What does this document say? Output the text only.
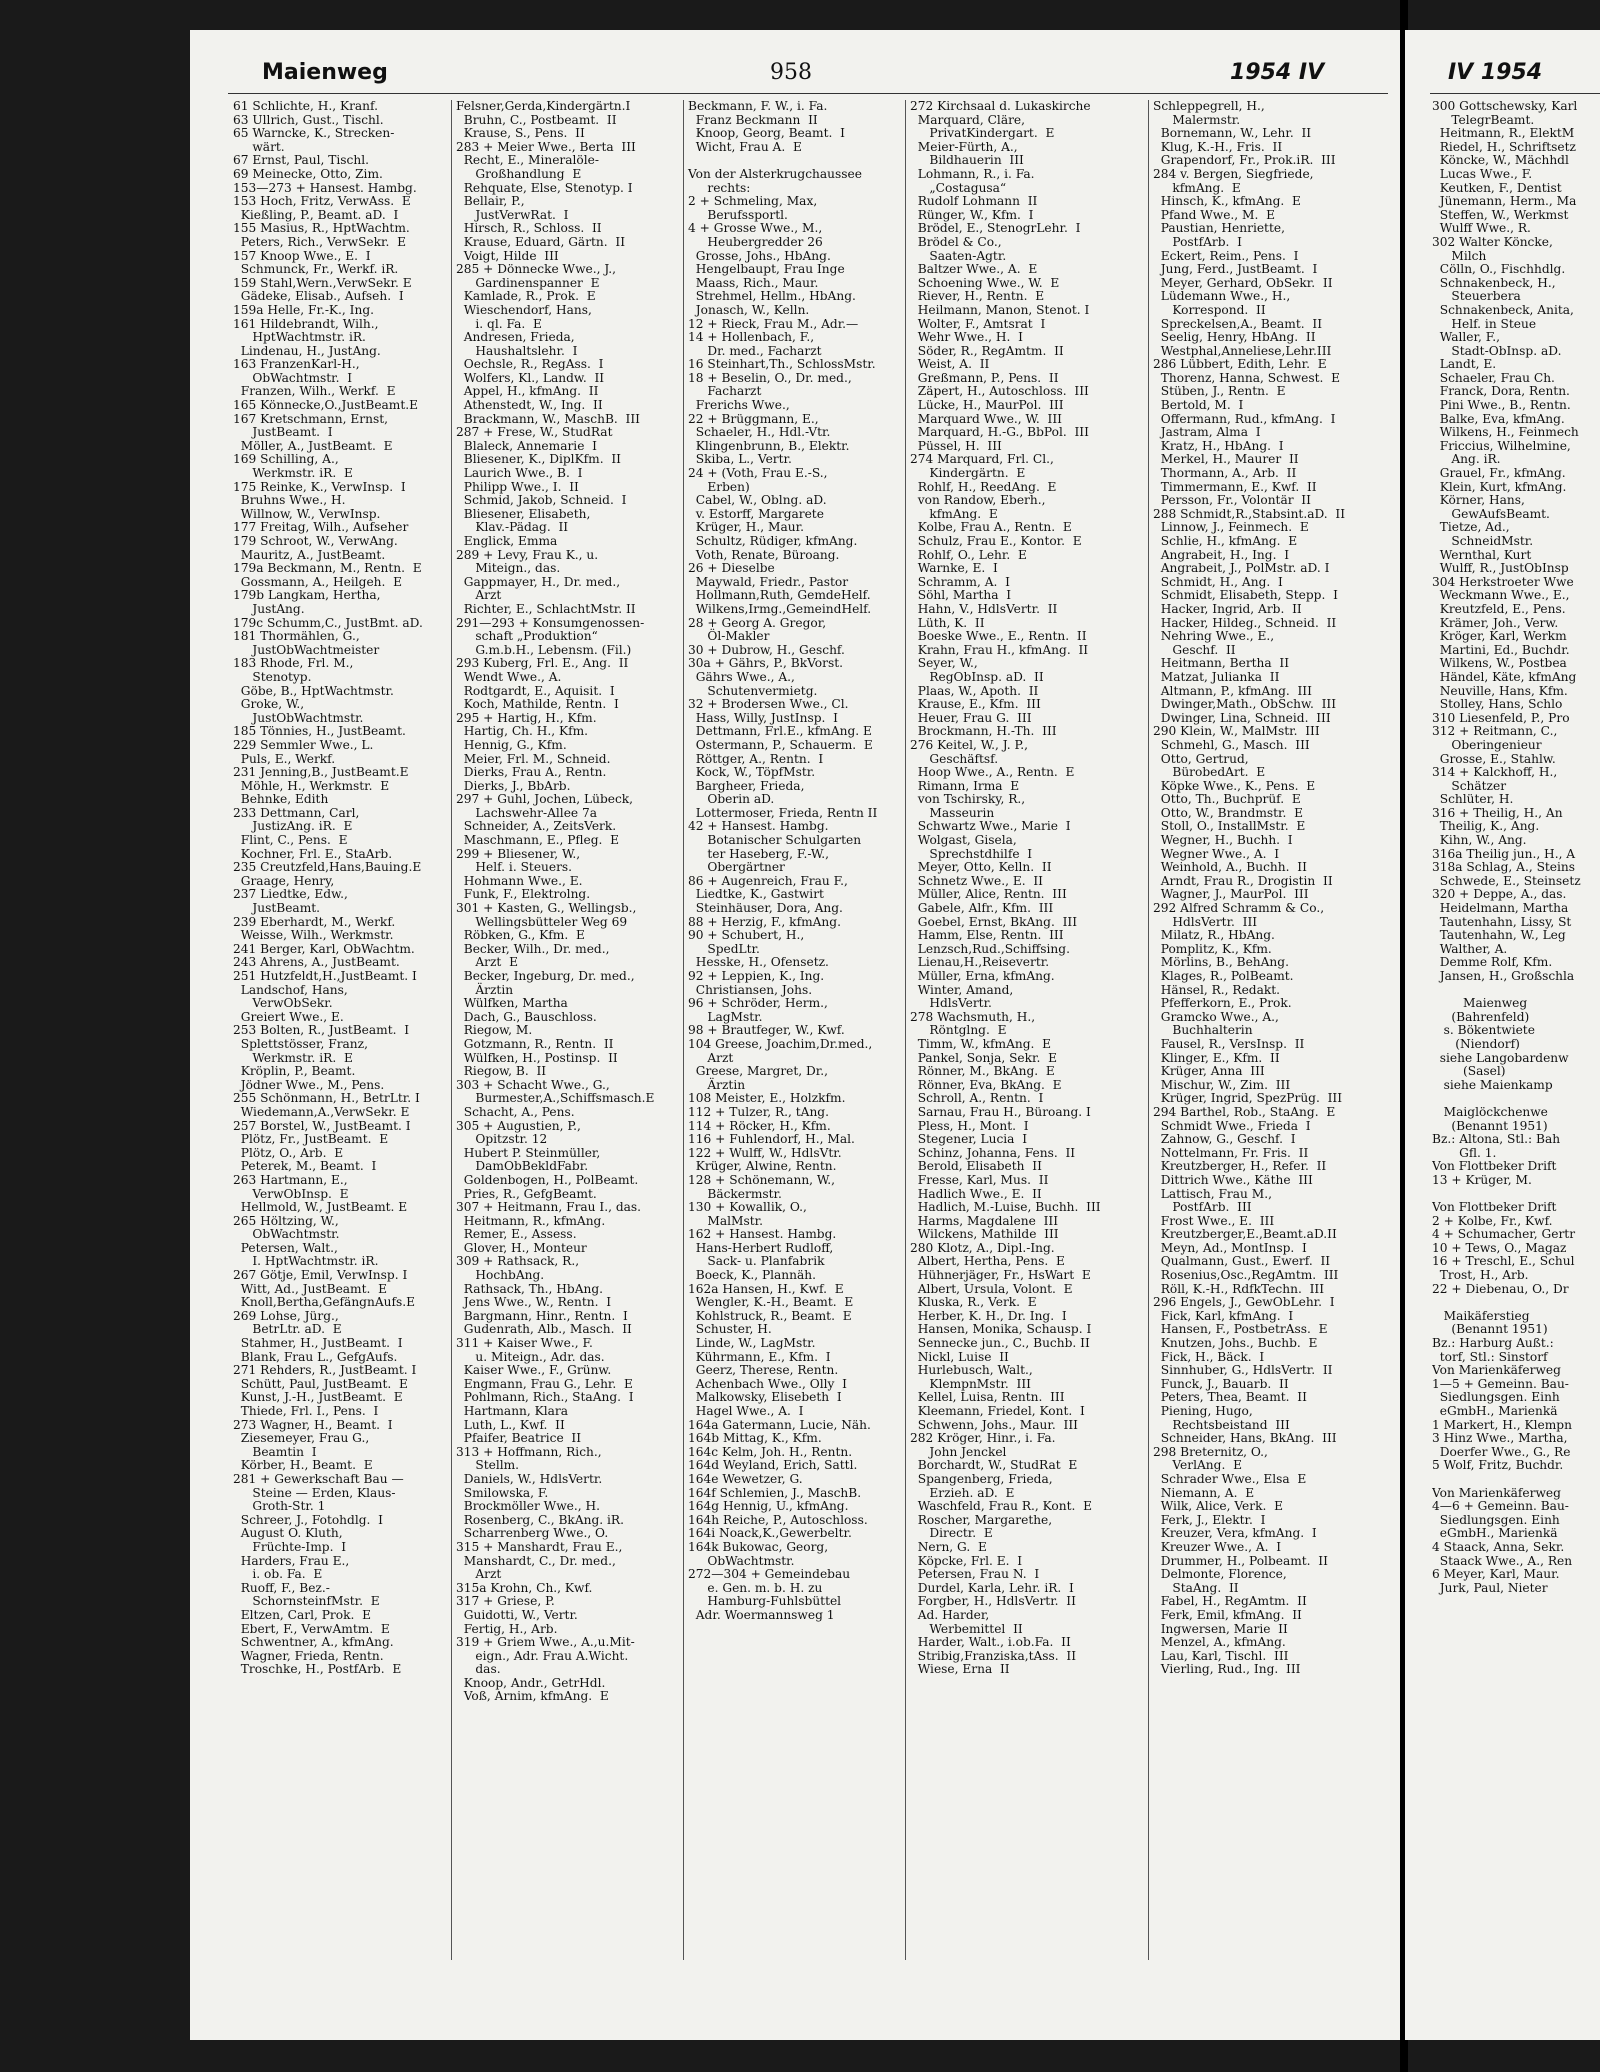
Maienweg	958	1954 IV	IV 1954
61 Schlichte, H., Kranf.
63 Ullrich, Gust., Tischl.
65 Warncke, K., Strecken-
wärt.
67 Ernst, Paul, Tischl.
69 Meinecke, Otto, Zim.
153—273 + Hansest. Hambg.
153 Hoch, Fritz, VerwAss.  E
Kießling, P., Beamt. aD.  I
155 Masius, R., HptWachtm.
Peters, Rich., VerwSekr.  E
157 Knoop Wwe., E.  I
Schmunck, Fr., Werkf. iR.
159 Stahl,Wern.,VerwSekr. E
Gädeke, Elisab., Aufseh.  I
159a Helle, Fr.-K., Ing.
161 Hildebrandt, Wilh.,
HptWachtmstr. iR.
Lindenau, H., JustAng.
163 FranzenKarl-H.,
ObWachtmstr.  I
Franzen, Wilh., Werkf.  E
165 Könnecke,O.,JustBeamt.E
167 Kretschmann, Ernst,
JustBeamt.  I
Möller, A., JustBeamt.  E
169 Schilling, A.,
Werkmstr. iR.  E
175 Reinke, K., VerwInsp.  I
Bruhns Wwe., H.
Willnow, W., VerwInsp.
177 Freitag, Wilh., Aufseher
179 Schroot, W., VerwAng.
Mauritz, A., JustBeamt.
179a Beckmann, M., Rentn.  E
Gossmann, A., Heilgeh.  E
179b Langkam, Hertha,
JustAng.
179c Schumm,C., JustBmt. aD.
181 Thormählen, G.,
JustObWachtmeister
183 Rhode, Frl. M.,
Stenotyp.
Göbe, B., HptWachtmstr.
Groke, W.,
JustObWachtmstr.
185 Tönnies, H., JustBeamt.
229 Semmler Wwe., L.
Puls, E., Werkf.
231 Jenning,B., JustBeamt.E
Möhle, H., Werkmstr.  E
Behnke, Edith
233 Dettmann, Carl,
JustizAng. iR.  E
Flint, C., Pens.  E
Kochner, Frl. E., StaArb.
235 Creutzfeld,Hans,Bauing.E
Graage, Henry,
237 Liedtke, Edw.,
JustBeamt.
239 Eberhardt, M., Werkf.
Weisse, Wilh., Werkmstr.
241 Berger, Karl, ObWachtm.
243 Ahrens, A., JustBeamt.
251 Hutzfeldt,H.,JustBeamt. I
Landschof, Hans,
VerwObSekr.
Greiert Wwe., E.
253 Bolten, R., JustBeamt.  I
Splettstösser, Franz,
Werkmstr. iR.  E
Kröplin, P., Beamt.
Jödner Wwe., M., Pens.
255 Schönmann, H., BetrLtr. I
Wiedemann,A.,VerwSekr. E
257 Borstel, W., JustBeamt. I
Plötz, Fr., JustBeamt.  E
Plötz, O., Arb.  E
Peterek, M., Beamt.  I
263 Hartmann, E.,
VerwObInsp.  E
Hellmold, W., JustBeamt. E
265 Höltzing, W.,
ObWachtmstr.
Petersen, Walt.,
I. HptWachtmstr. iR.
267 Götje, Emil, VerwInsp. I
Witt, Ad., JustBeamt.  E
Knoll,Bertha,GefängnAufs.E
269 Lohse, Jürg.,
BetrLtr. aD.  E
Stahmer, H., JustBeamt.  I
Blank, Frau L., GefgAufs.
271 Rehders, R., JustBeamt. I
Schütt, Paul, JustBeamt.  E
Kunst, J.-H., JustBeamt.  E
Thiede, Frl. I., Pens.  I
273 Wagner, H., Beamt.  I
Ziesemeyer, Frau G.,
Beamtin  I
Körber, H., Beamt.  E
281 + Gewerkschaft Bau —
Steine — Erden, Klaus-
Groth-Str. 1
Schreer, J., Fotohdlg.  I
August O. Kluth,
Früchte-Imp.  I
Harders, Frau E.,
i. ob. Fa.  E
Ruoff, F., Bez.-
SchornsteinfMstr.  E
Eltzen, Carl, Prok.  E
Ebert, F., VerwAmtm.  E
Schwentner, A., kfmAng.
Wagner, Frieda, Rentn.
Troschke, H., PostfArb.  E
Felsner,Gerda,Kindergärtn.I
Bruhn, C., Postbeamt.  II
Krause, S., Pens.  II
283 + Meier Wwe., Berta  III
Recht, E., Mineralöle-
Großhandlung  E
Rehquate, Else, Stenotyp. I
Bellair, P.,
JustVerwRat.  I
Hirsch, R., Schloss.  II
Krause, Eduard, Gärtn.  II
Voigt, Hilde  III
285 + Dönnecke Wwe., J.,
Gardinenspanner  E
Kamlade, R., Prok.  E
Wieschendorf, Hans,
i. ql. Fa.  E
Andresen, Frieda,
Haushaltslehr.  I
Oechsle, R., RegAss.  I
Wolfers, Kl., Landw.  II
Appel, H., kfmAng.  II
Athenstedt, W., Ing.  II
Brackmann, W., MaschB.  III
287 + Frese, W., StudRat
Blaleck, Annemarie  I
Bliesener, K., DiplKfm.  II
Laurich Wwe., B.  I
Philipp Wwe., I.  II
Schmid, Jakob, Schneid.  I
Bliesener, Elisabeth,
Klav.-Pädag.  II
Englick, Emma
289 + Levy, Frau K., u.
Miteign., das.
Gappmayer, H., Dr. med.,
Arzt
Richter, E., SchlachtMstr. II
291—293 + Konsumgenossen-
schaft „Produktion“
G.m.b.H., Lebensm. (Fil.)
293 Kuberg, Frl. E., Ang.  II
Wendt Wwe., A.
Rodtgardt, E., Aquisit.  I
Koch, Mathilde, Rentn.  I
295 + Hartig, H., Kfm.
Hartig, Ch. H., Kfm.
Hennig, G., Kfm.
Meier, Frl. M., Schneid.
Dierks, Frau A., Rentn.
Dierks, J., BbArb.
297 + Guhl, Jochen, Lübeck,
Lachswehr-Allee 7a
Schneider, A., ZeitsVerk.
Maschmann, E., Pfleg.  E
299 + Bliesener, W.,
Helf. i. Steuers.
Hohmann Wwe., E.
Funk, F., Elektrolng.
301 + Kasten, G., Wellingsb.,
Wellingsbütteler Weg 69
Röbken, G., Kfm.  E
Becker, Wilh., Dr. med.,
Arzt  E
Becker, Ingeburg, Dr. med.,
Ärztin
Wülfken, Martha
Dach, G., Bauschloss.
Riegow, M.
Gotzmann, R., Rentn.  II
Wülfken, H., Postinsp.  II
Riegow, B.  II
303 + Schacht Wwe., G.,
Burmester,A.,Schiffsmasch.E
Schacht, A., Pens.
305 + Augustien, P.,
Opitzstr. 12
Hubert P. Steinmüller,
DamObBekldFabr.
Goldenbogen, H., PolBeamt.
Pries, R., GefgBeamt.
307 + Heitmann, Frau I., das.
Heitmann, R., kfmAng.
Remer, E., Assess.
Glover, H., Monteur
309 + Rathsack, R.,
HochbAng.
Rathsack, Th., HbAng.
Jens Wwe., W., Rentn.  I
Bargmann, Hinr., Rentn.  I
Gudenrath, Alb., Masch.  II
311 + Kaiser Wwe., F.
u. Miteign., Adr. das.
Kaiser Wwe., F., Grünw.
Engmann, Frau G., Lehr.  E
Pohlmann, Rich., StaAng.  I
Hartmann, Klara
Luth, L., Kwf.  II
Pfaifer, Beatrice  II
313 + Hoffmann, Rich.,
Stellm.
Daniels, W., HdlsVertr.
Smilowska, F.
Brockmöller Wwe., H.
Rosenberg, C., BkAng. iR.
Scharrenberg Wwe., O.
315 + Manshardt, Frau E.,
Manshardt, C., Dr. med.,
Arzt
315a Krohn, Ch., Kwf.
317 + Griese, P.
Guidotti, W., Vertr.
Fertig, H., Arb.
319 + Griem Wwe., A.,u.Mit-
eign., Adr. Frau A.Wicht.
das.
Knoop, Andr., GetrHdl.
Voß, Arnim, kfmAng.  E
Beckmann, F. W., i. Fa.
Franz Beckmann  II
Knoop, Georg, Beamt.  I
Wicht, Frau A.  E

Von der Alsterkrugchaussee
rechts:
2 + Schmeling, Max,
Berufssportl.
4 + Grosse Wwe., M.,
Heubergredder 26
Grosse, Johs., HbAng.
Hengelbaupt, Frau Inge
Maass, Rich., Maur.
Strehmel, Hellm., HbAng.
Jonasch, W., Kelln.
12 + Rieck, Frau M., Adr.—
14 + Hollenbach, F.,
Dr. med., Facharzt
16 Steinhart,Th., SchlossMstr.
18 + Beselin, O., Dr. med.,
Facharzt
Frerichs Wwe.,
22 + Brüggmann, E.,
Schaeler, H., Hdl.-Vtr.
Klingenbrunn, B., Elektr.
Skiba, L., Vertr.
24 + (Voth, Frau E.-S.,
Erben)
Cabel, W., Oblng. aD.
v. Estorff, Margarete
Krüger, H., Maur.
Schultz, Rüdiger, kfmAng.
Voth, Renate, Büroang.
26 + Dieselbe
Maywald, Friedr., Pastor
Hollmann,Ruth, GemdeHelf.
Wilkens,Irmg.,GemeindHelf.
28 + Georg A. Gregor,
Öl-Makler
30 + Dubrow, H., Geschf.
30a + Gährs, P., BkVorst.
Gährs Wwe., A.,
Schutenvermietg.
32 + Brodersen Wwe., Cl.
Hass, Willy, JustInsp.  I
Dettmann, Frl.E., kfmAng. E
Ostermann, P., Schauerm.  E
Röttger, A., Rentn.  I
Kock, W., TöpfMstr.
Bargheer, Frieda,
Oberin aD.
Lottermoser, Frieda, Rentn II
42 + Hansest. Hambg.
Botanischer Schulgarten
ter Haseberg, F.-W.,
Obergärtner
86 + Augenreich, Frau F.,
Liedtke, K., Gastwirt
Steinhäuser, Dora, Ang.
88 + Herzig, F., kfmAng.
90 + Schubert, H.,
SpedLtr.
Hesske, H., Ofensetz.
92 + Leppien, K., Ing.
Christiansen, Johs.
96 + Schröder, Herm.,
LagMstr.
98 + Brautfeger, W., Kwf.
104 Greese, Joachim,Dr.med.,
Arzt
Greese, Margret, Dr.,
Ärztin
108 Meister, E., Holzkfm.
112 + Tulzer, R., tAng.
114 + Röcker, H., Kfm.
116 + Fuhlendorf, H., Mal.
122 + Wulff, W., HdlsVtr.
Krüger, Alwine, Rentn.
128 + Schönemann, W.,
Bäckermstr.
130 + Kowallik, O.,
MalMstr.
162 + Hansest. Hambg.
Hans-Herbert Rudloff,
Sack- u. Planfabrik
Boeck, K., Plannäh.
162a Hansen, H., Kwf.  E
Wengler, K.-H., Beamt.  E
Kohlstruck, R., Beamt.  E
Schuster, H.
Linde, W., LagMstr.
Kührmann, E., Kfm.  I
Geerz, Therese, Rentn.
Achenbach Wwe., Olly  I
Malkowsky, Elisebeth  I
Hagel Wwe., A.  I
164a Gatermann, Lucie, Näh.
164b Mittag, K., Kfm.
164c Kelm, Joh. H., Rentn.
164d Weyland, Erich, Sattl.
164e Wewetzer, G.
164f Schlemien, J., MaschB.
164g Hennig, U., kfmAng.
164h Reiche, P., Autoschloss.
164i Noack,K.,Gewerbeltr.
164k Bukowac, Georg,
ObWachtmstr.
272—304 + Gemeindebau
e. Gen. m. b. H. zu
Hamburg-Fuhlsbüttel
Adr. Woermannsweg 1
272 Kirchsaal d. Lukaskirche
Marquard, Cläre,
PrivatKindergart.  E
Meier-Fürth, A.,
Bildhauerin  III
Lohmann, R., i. Fa.
„Costagusa“
Rudolf Lohmann  II
Rünger, W., Kfm.  I
Brödel, E., StenogrLehr.  I
Brödel & Co.,
Saaten-Agtr.
Baltzer Wwe., A.  E
Schoening Wwe., W.  E
Riever, H., Rentn.  E
Heilmann, Manon, Stenot. I
Wolter, F., Amtsrat  I
Wehr Wwe., H.  I
Söder, R., RegAmtm.  II
Weist, A.  II
Greßmann, P., Pens.  II
Zäpert, H., Autoschloss.  III
Lücke, H., MaurPol.  III
Marquard Wwe., W.  III
Marquard, H.-G., BbPol.  III
Püssel, H.  III
274 Marquard, Frl. Cl.,
Kindergärtn.  E
Rohlf, H., ReedAng.  E
von Randow, Eberh.,
kfmAng.  E
Kolbe, Frau A., Rentn.  E
Schulz, Frau E., Kontor.  E
Rohlf, O., Lehr.  E
Warnke, E.  I
Schramm, A.  I
Söhl, Martha  I
Hahn, V., HdlsVertr.  II
Lüth, K.  II
Boeske Wwe., E., Rentn.  II
Krahn, Frau H., kfmAng.  II
Seyer, W.,
RegObInsp. aD.  II
Plaas, W., Apoth.  II
Krause, E., Kfm.  III
Heuer, Frau G.  III
Brockmann, H.-Th.  III
276 Keitel, W., J. P.,
Geschäftsf.
Hoop Wwe., A., Rentn.  E
Rimann, Irma  E
von Tschirsky, R.,
Masseurin
Schwartz Wwe., Marie  I
Wolgast, Gisela,
Sprechstdhilfe  I
Meyer, Otto, Kelln.  II
Schnetz Wwe., E.  II
Müller, Alice, Rentn.  III
Gabele, Alfr., Kfm.  III
Goebel, Ernst, BkAng.  III
Hamm, Else, Rentn.  III
Lenzsch,Rud.,Schiffsing.
Lienau,H.,Reisevertr.
Müller, Erna, kfmAng.
Winter, Amand,
HdlsVertr.
278 Wachsmuth, H.,
Röntglng.  E
Timm, W., kfmAng.  E
Pankel, Sonja, Sekr.  E
Rönner, M., BkAng.  E
Rönner, Eva, BkAng.  E
Schroll, A., Rentn.  I
Sarnau, Frau H., Büroang. I
Pless, H., Mont.  I
Stegener, Lucia  I
Schinz, Johanna, Fens.  II
Berold, Elisabeth  II
Fresse, Karl, Mus.  II
Hadlich Wwe., E.  II
Hadlich, M.-Luise, Buchh.  III
Harms, Magdalene  III
Wilckens, Mathilde  III
280 Klotz, A., Dipl.-Ing.
Albert, Hertha, Pens.  E
Hühnerjäger, Fr., HsWart  E
Albert, Ursula, Volont.  E
Kluska, R., Verk.  E
Herber, K. H., Dr. Ing.  I
Hansen, Monika, Schausp. I
Sennecke jun., C., Buchb. II
Nickl, Luise  II
Hurlebusch, Walt.,
KlempnMstr.  III
Kellel, Luisa, Rentn.  III
Kleemann, Friedel, Kont.  I
Schwenn, Johs., Maur.  III
282 Kröger, Hinr., i. Fa.
John Jenckel
Borchardt, W., StudRat  E
Spangenberg, Frieda,
Erzieh. aD.  E
Waschfeld, Frau R., Kont.  E
Roscher, Margarethe,
Directr.  E
Nern, G.  E
Köpcke, Frl. E.  I
Petersen, Frau N.  I
Durdel, Karla, Lehr. iR.  I
Forgber, H., HdlsVertr.  II
Ad. Harder,
Werbemittel  II
Harder, Walt., i.ob.Fa.  II
Stribig,Franziska,tAss.  II
Wiese, Erna  II
Schleppegrell, H.,
Malermstr.
Bornemann, W., Lehr.  II
Klug, K.-H., Fris.  II
Grapendorf, Fr., Prok.iR.  III
284 v. Bergen, Siegfriede,
kfmAng.  E
Hinsch, K., kfmAng.  E
Pfand Wwe., M.  E
Paustian, Henriette,
PostfArb.  I
Eckert, Reim., Pens.  I
Jung, Ferd., JustBeamt.  I
Meyer, Gerhard, ObSekr.  II
Lüdemann Wwe., H.,
Korrespond.  II
Spreckelsen,A., Beamt.  II
Seelig, Henry, HbAng.  II
Westphal,Anneliese,Lehr.III
286 Lübbert, Edith, Lehr.  E
Thorenz, Hanna, Schwest.  E
Stüben, J., Rentn.  E
Bertold, M.  I
Offermann, Rud., kfmAng.  I
Jastram, Alma  I
Kratz, H., HbAng.  I
Merkel, H., Maurer  II
Thormann, A., Arb.  II
Timmermann, E., Kwf.  II
Persson, Fr., Volontär  II
288 Schmidt,R.,Stabsint.aD.  II
Linnow, J., Feinmech.  E
Schlie, H., kfmAng.  E
Angrabeit, H., Ing.  I
Angrabeit, J., PolMstr. aD. I
Schmidt, H., Ang.  I
Schmidt, Elisabeth, Stepp.  I
Hacker, Ingrid, Arb.  II
Hacker, Hildeg., Schneid.  II
Nehring Wwe., E.,
Geschf.  II
Heitmann, Bertha  II
Matzat, Julianka  II
Altmann, P., kfmAng.  III
Dwinger,Math., ObSchw.  III
Dwinger, Lina, Schneid.  III
290 Klein, W., MalMstr.  III
Schmehl, G., Masch.  III
Otto, Gertrud,
BürobedArt.  E
Köpke Wwe., K., Pens.  E
Otto, Th., Buchprüf.  E
Otto, W., Brandmstr.  E
Stoll, O., InstallMstr.  E
Wegner, H., Buchh.  I
Wegner Wwe., A.  I
Weinhold, A., Buchh.  II
Arndt, Frau R., Drogistin  II
Wagner, J., MaurPol.  III
292 Alfred Schramm & Co.,
HdlsVertr.  III
Milatz, R., HbAng.
Pomplitz, K., Kfm.
Mörlins, B., BehAng.
Klages, R., PolBeamt.
Hänsel, R., Redakt.
Pfefferkorn, E., Prok.
Gramcko Wwe., A.,
Buchhalterin
Fausel, R., VersInsp.  II
Klinger, E., Kfm.  II
Krüger, Anna  III
Mischur, W., Zim.  III
Krüger, Ingrid, SpezPrüg.  III
294 Barthel, Rob., StaAng.  E
Schmidt Wwe., Frieda  I
Zahnow, G., Geschf.  I
Nottelmann, Fr. Fris.  II
Kreutzberger, H., Refer.  II
Dittrich Wwe., Käthe  III
Lattisch, Frau M.,
PostfArb.  III
Frost Wwe., E.  III
Kreutzberger,E.,Beamt.aD.II
Meyn, Ad., MontInsp.  I
Qualmann, Gust., Ewerf.  II
Rosenius,Osc.,RegAmtm.  III
Röll, K.-H., RdfkTechn.  III
296 Engels, J., GewObLehr.  I
Fick, Karl, kfmAng.  I
Hansen, F., PostbetrAss.  E
Knutzen, Johs., Buchb.  E
Fick, H., Bäck.  I
Sinnhuber, G., HdlsVertr.  II
Funck, J., Bauarb.  II
Peters, Thea, Beamt.  II
Piening, Hugo,
Rechtsbeistand  III
Schneider, Hans, BkAng.  III
298 Breternitz, O.,
VerlAng.  E
Schrader Wwe., Elsa  E
Niemann, A.  E
Wilk, Alice, Verk.  E
Ferk, J., Elektr.  I
Kreuzer, Vera, kfmAng.  I
Kreuzer Wwe., A.  I
Drummer, H., Polbeamt.  II
Delmonte, Florence,
StaAng.  II
Fabel, H., RegAmtm.  II
Ferk, Emil, kfmAng.  II
Ingwersen, Marie  II
Menzel, A., kfmAng.
Lau, Karl, Tischl.  III
Vierling, Rud., Ing.  III
300 Gottschewsky, Karl
TelegrBeamt.
Heitmann, R., ElektM
Riedel, H., Schriftsetz
Köncke, W., Mächhdl
Lucas Wwe., F.
Keutken, F., Dentist
Jünemann, Herm., Ma
Steffen, W., Werkmst
Wulff Wwe., R.
302 Walter Köncke,
Milch
Cölln, O., Fischhdlg.
Schnakenbeck, H.,
Steuerbera
Schnakenbeck, Anita,
Helf. in Steue
Waller, F.,
Stadt-ObInsp. aD.
Landt, E.
Schaeler, Frau Ch.
Franck, Dora, Rentn.
Pini Wwe., B., Rentn.
Balke, Eva, kfmAng.
Wilkens, H., Feinmech
Friccius, Wilhelmine,
Ang. iR.
Grauel, Fr., kfmAng.
Klein, Kurt, kfmAng.
Körner, Hans,
GewAufsBeamt.
Tietze, Ad.,
SchneidMstr.
Wernthal, Kurt
Wulff, R., JustObInsp
304 Herkstroeter Wwe
Weckmann Wwe., E.,
Kreutzfeld, E., Pens.
Krämer, Joh., Verw.
Kröger, Karl, Werkm
Martini, Ed., Buchdr.
Wilkens, W., Postbea
Händel, Käte, kfmAng
Neuville, Hans, Kfm.
Stolley, Hans, Schlo
310 Liesenfeld, P., Pro
312 + Reitmann, C.,
Oberingenieur
Grosse, E., Stahlw.
314 + Kalckhoff, H.,
Schätzer
Schlüter, H.
316 + Theilig, H., An
Theilig, K., Ang.
Kihn, W., Ang.
316a Theilig jun., H., A
318a Schlag, A., Steins
Schwede, E., Steinsetz
320 + Deppe, A., das.
Heidelmann, Martha
Tautenhahn, Lissy, St
Tautenhahn, W., Leg
Walther, A.
Demme Rolf, Kfm.
Jansen, H., Großschla

Maienweg
(Bahrenfeld)
s. Bökentwiete
(Niendorf)
siehe Langobardenw
(Sasel)
siehe Maienkamp

Maiglöckchenwe
(Benannt 1951)
Bz.: Altona, Stl.: Bah
Gfl. 1.
Von Flottbeker Drift
13 + Krüger, M.

Von Flottbeker Drift
2 + Kolbe, Fr., Kwf.
4 + Schumacher, Gertr
10 + Tews, O., Magaz
16 + Treschl, E., Schul
Trost, H., Arb.
22 + Diebenau, O., Dr

Maikäferstieg
(Benannt 1951)
Bz.: Harburg Außt.:
torf, Stl.: Sinstorf
Von Marienkäferweg
1—5 + Gemeinn. Bau-
Siedlungsgen. Einh
eGmbH., Marienkä
1 Markert, H., Klempn
3 Hinz Wwe., Martha,
Doerfer Wwe., G., Re
5 Wolf, Fritz, Buchdr.

Von Marienkäferweg
4—6 + Gemeinn. Bau-
Siedlungsgen. Einh
eGmbH., Marienkä
4 Staack, Anna, Sekr.
Staack Wwe., A., Ren
6 Meyer, Karl, Maur.
Jurk, Paul, Nieter
